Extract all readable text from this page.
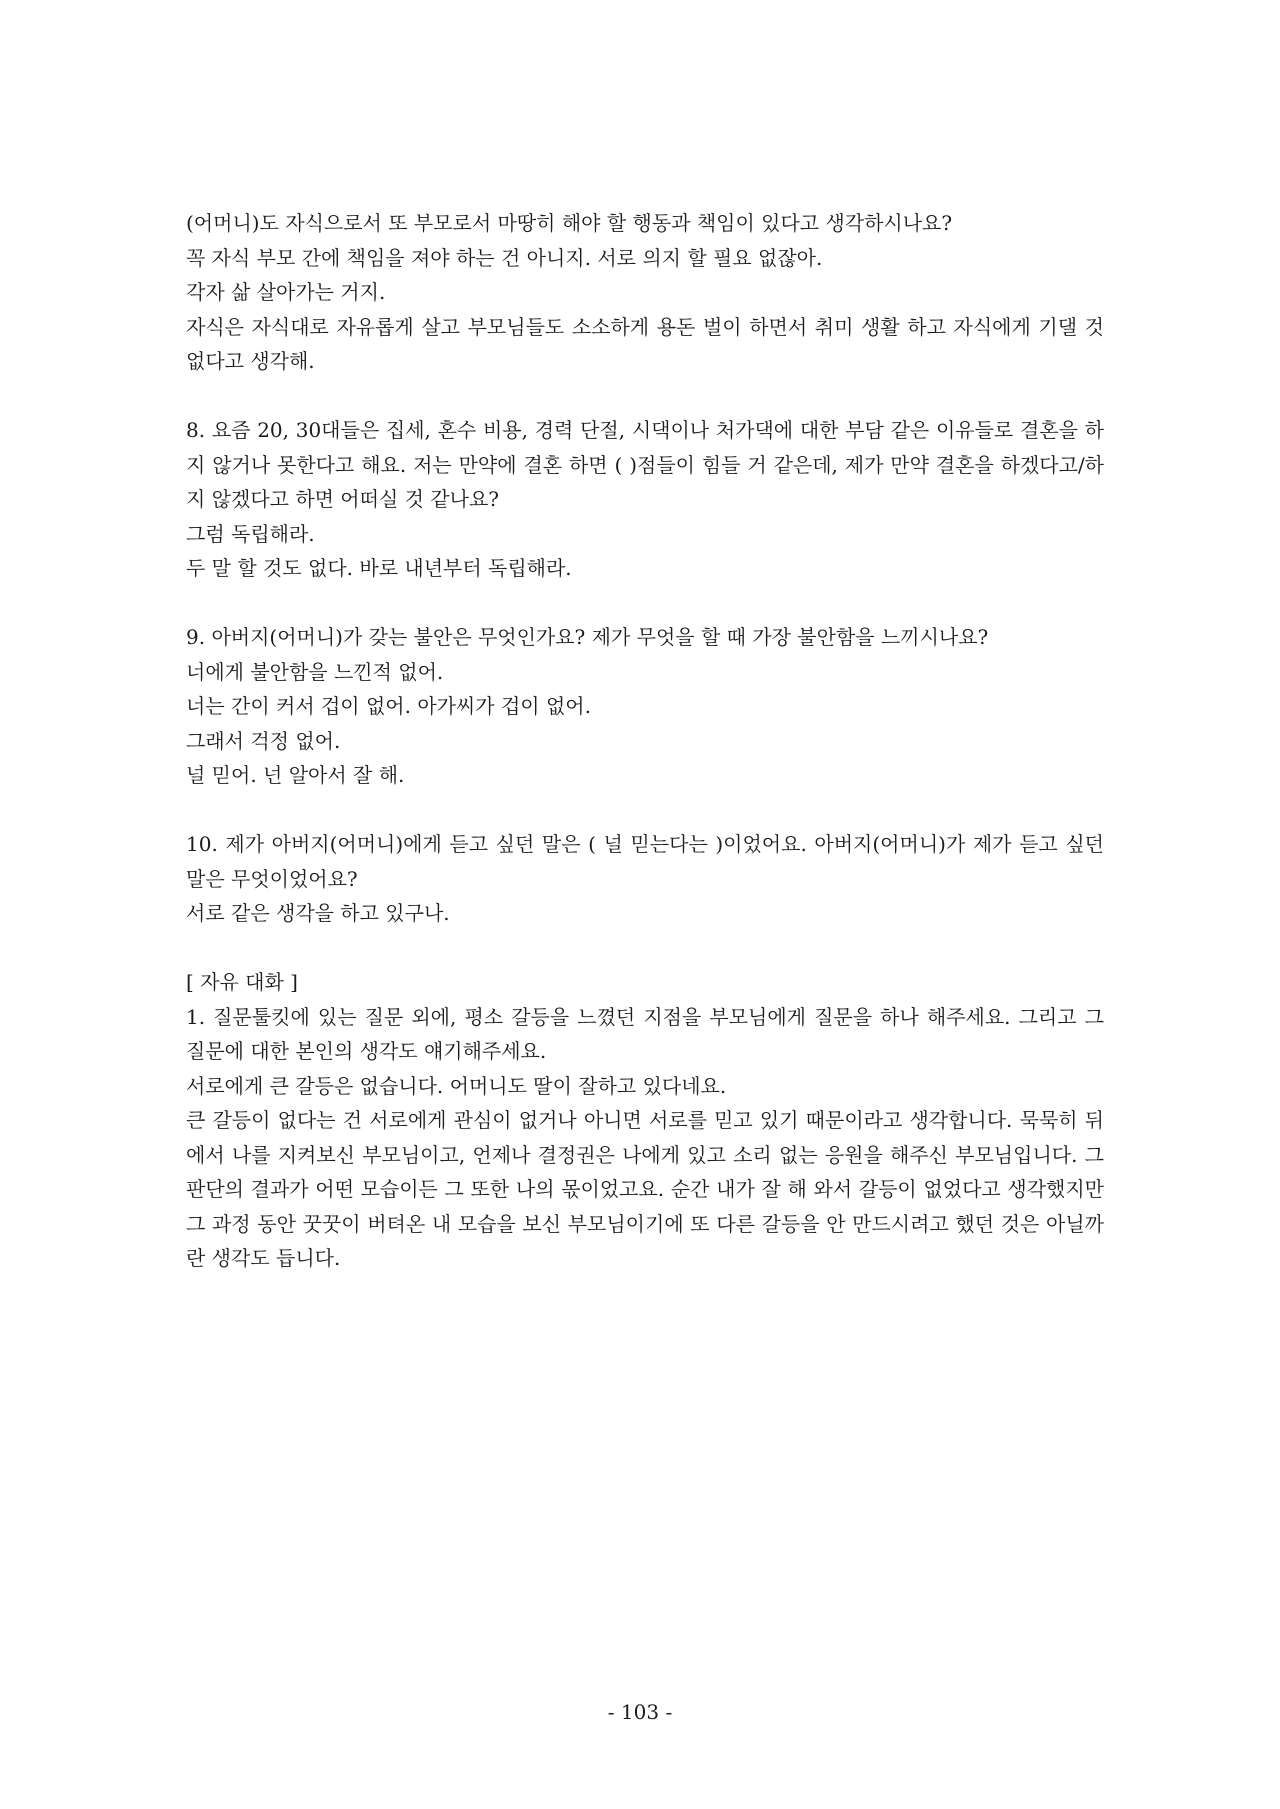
(어머니)도 자식으로서 또 부모로서 마땅히 해야 할 행동과 책임이 있다고 생각하시나요?
꼭 자식 부모 간에 책임을 져야 하는 건 아니지. 서로 의지 할 필요 없잖아.
각자 삶 살아가는 거지.

자식은 자식대로 자유롭게 살고 부모님들도 소소하게 용돈 벌이 하면서 취미 생활 하고 자식에게 기댈 것 없다고 생각해.

8. 요즘 20, 30대들은 집세, 혼수 비용, 경력 단절, 시댁이나 처가댁에 대한 부담 같은 이유들로 결혼을 하지 않거나 못한다고 해요. 저는 만약에 결혼 하면 ( )점들이 힘들 거 같은데, 제가 만약 결혼을 하겠다고/하지 않겠다고 하면 어떠실 것 같나요?

그럼 독립해라.
두 말 할 것도 없다. 바로 내년부터 독립해라.
9. 아버지(어머니)가 갖는 불안은 무엇인가요? 제가 무엇을 할 때 가장 불안함을 느끼시나요?
너에게 불안함을 느낀적 없어.
너는 간이 커서 겁이 없어. 아가씨가 겁이 없어.
그래서 걱정 없어.
널 믿어. 넌 알아서 잘 해.

10. 제가 아버지(어머니)에게 듣고 싶던 말은 ( 널 믿는다는 )이었어요. 아버지(어머니)가 제가 듣고 싶던 말은 무엇이었어요?

서로 같은 생각을 하고 있구나.
[ 자유 대화 ]

1. 질문툴킷에 있는 질문 외에, 평소 갈등을 느꼈던 지점을 부모님에게 질문을 하나 해주세요. 그리고 그 질문에 대한 본인의 생각도 얘기해주세요.

서로에게 큰 갈등은 없습니다. 어머니도 딸이 잘하고 있다네요.

큰 갈등이 없다는 건 서로에게 관심이 없거나 아니면 서로를 믿고 있기 때문이라고 생각합니다. 묵묵히 뒤에서 나를 지켜보신 부모님이고, 언제나 결정권은 나에게 있고 소리 없는 응원을 해주신 부모님입니다. 그 판단의 결과가 어떤 모습이든 그 또한 나의 몫이었고요. 순간 내가 잘 해 와서 갈등이 없었다고 생각했지만 그 과정 동안 꿋꿋이 버텨온 내 모습을 보신 부모님이기에 또 다른 갈등을 안 만드시려고 했던 것은 아닐까란 생각도 듭니다.

- 103 -
